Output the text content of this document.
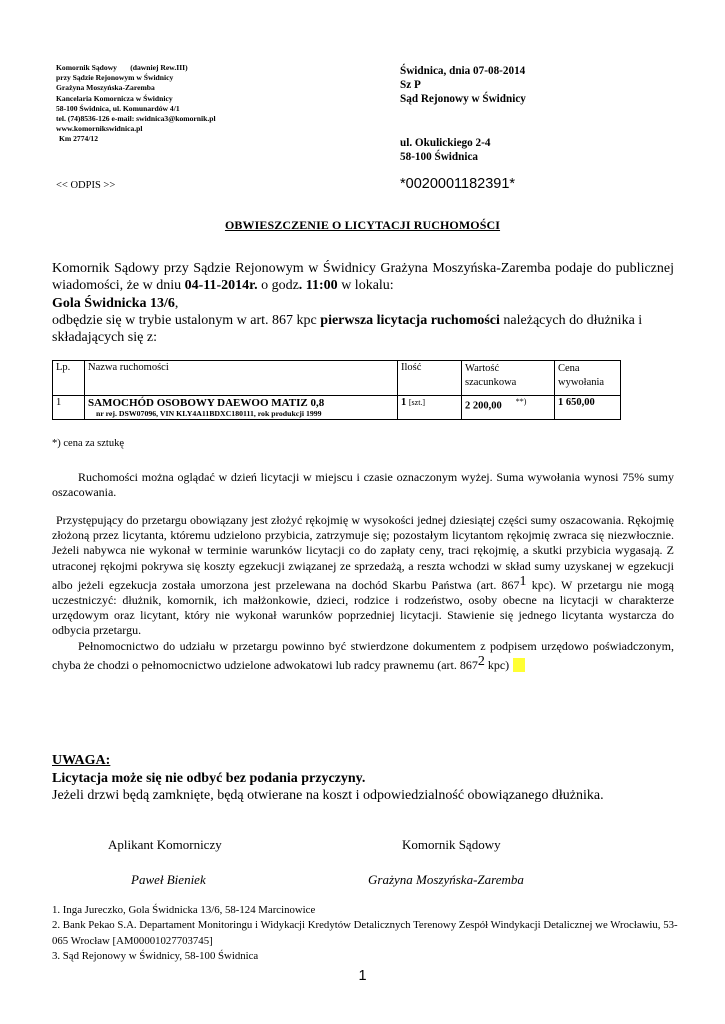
Komornik Sądowy       (dawniej Rew.III)
przy Sądzie Rejonowym w Świdnicy
Grażyna Moszyńska-Zaremba
Kancelaria Komornicza w Świdnicy
58-100 Świdnica, ul. Komunardów 4/1
tel. (74)8536-126 e-mail: swidnica3@komornik.pl
www.komornikswidnica.pl
Km 2774/12
Świdnica, dnia 07-08-2014
Sz P
Sąd Rejonowy w Świdnicy
ul. Okulickiego 2-4
58-100 Świdnica
<< ODPIS >>	*0020001182391*
OBWIESZCZENIE O LICYTACJI RUCHOMOŚCI

Komornik Sądowy przy Sądzie Rejonowym w Świdnicy Grażyna Moszyńska-Zaremba podaje do publicznej wiadomości, że w dniu 04-11-2014r. o godz. 11:00 w lokalu:

Gola Świdnicka 13/6,

odbędzie się w trybie ustalonym w art. 867 kpc pierwsza licytacja ruchomości należących do dłużnika i składających się z:

Lp.	Nazwa ruchomości	Ilość	Wartość szacunkowa	Cena wywołania
1	SAMOCHÓD OSOBOWY DAEWOO MATIZ 0,8
nr rej. DSW07096, VIN KLY4A11BDXC180111, rok produkcji 1999	1 [szt.]	2 200,00 **)	1 650,00
*) cena za sztukę

Ruchomości można oglądać w dzień licytacji w miejscu i czasie oznaczonym wyżej. Suma wywołania wynosi 75% sumy oszacowania.

Przystępujący do przetargu obowiązany jest złożyć rękojmię w wysokości jednej dziesiątej części sumy oszacowania. Rękojmię złożoną przez licytanta, któremu udzielono przybicia, zatrzymuje się; pozostałym licytantom rękojmię zwraca się niezwłocznie. Jeżeli nabywca nie wykonał w terminie warunków licytacji co do zapłaty ceny, traci rękojmię, a skutki przybicia wygasają. Z utraconej rękojmi pokrywa się koszty egzekucji związanej ze sprzedażą, a reszta wchodzi w skład sumy uzyskanej w egzekucji albo jeżeli egzekucja została umorzona jest przelewana na dochód Skarbu Państwa (art. $867^1$ kpc). W przetargu nie mogą uczestniczyć: dłużnik, komornik, ich małżonkowie, dzieci, rodzice i rodzeństwo, osoby obecne na licytacji w charakterze urzędowym oraz licytant, który nie wykonał warunków poprzedniej licytacji. Stawienie się jednego licytanta wystarcza do odbycia przetargu.

Pełnomocnictwo do udziału w przetargu powinno być stwierdzone dokumentem z podpisem urzędowo poświadczonym, chyba że chodzi o pełnomocnictwo udzielone adwokatowi lub radcy prawnemu (art. $867^2$ kpc)

UWAGA:
Licytacja może się nie odbyć bez podania przyczyny.
Jeżeli drzwi będą zamknięte, będą otwierane na koszt i odpowiedzialność obowiązanego dłużnika.
Aplikant Komorniczy
Paweł Bieniek
Komornik Sądowy
Grażyna Moszyńska-Zaremba
1. Inga Jureczko, Gola Świdnicka 13/6, 58-124 Marcinowice
2. Bank Pekao S.A. Departament Monitoringu i Widykacji Kredytów Detalicznych Terenowy Zespół Windykacji Detalicznej we Wrocławiu, 53-065 Wrocław [AM00001027703745]
3. Sąd Rejonowy w Świdnicy, 58-100 Świdnica
1
